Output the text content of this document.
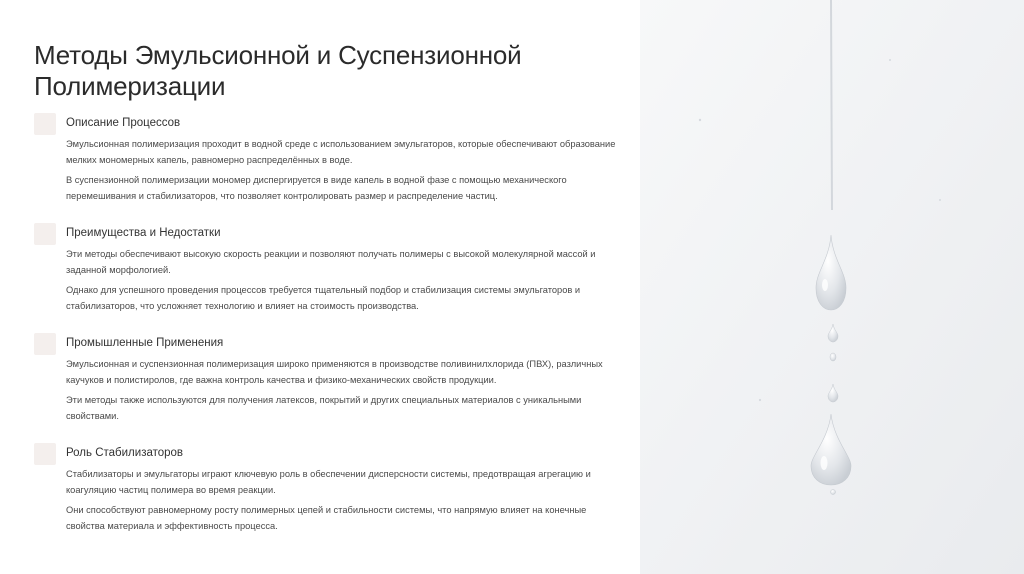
Методы Эмульсионной и Суспензионной Полимеризации

Описание Процессов

Эмульсионная полимеризация проходит в водной среде с использованием эмульгаторов, которые обеспечивают образование мелких мономерных капель, равномерно распределённых в воде.

В суспензионной полимеризации мономер диспергируется в виде капель в водной фазе с помощью механического перемешивания и стабилизаторов, что позволяет контролировать размер и распределение частиц.

Преимущества и Недостатки

Эти методы обеспечивают высокую скорость реакции и позволяют получать полимеры с высокой молекулярной массой и заданной морфологией.

Однако для успешного проведения процессов требуется тщательный подбор и стабилизация системы эмульгаторов и стабилизаторов, что усложняет технологию и влияет на стоимость производства.

Промышленные Применения

Эмульсионная и суспензионная полимеризация широко применяются в производстве поливинилхлорида (ПВХ), различных каучуков и полистиролов, где важна контроль качества и физико-механических свойств продукции.

Эти методы также используются для получения латексов, покрытий и других специальных материалов с уникальными свойствами.

Роль Стабилизаторов

Стабилизаторы и эмульгаторы играют ключевую роль в обеспечении дисперсности системы, предотвращая агрегацию и коагуляцию частиц полимера во время реакции.

Они способствуют равномерному росту полимерных цепей и стабильности системы, что напрямую влияет на конечные свойства материала и эффективность процесса.
